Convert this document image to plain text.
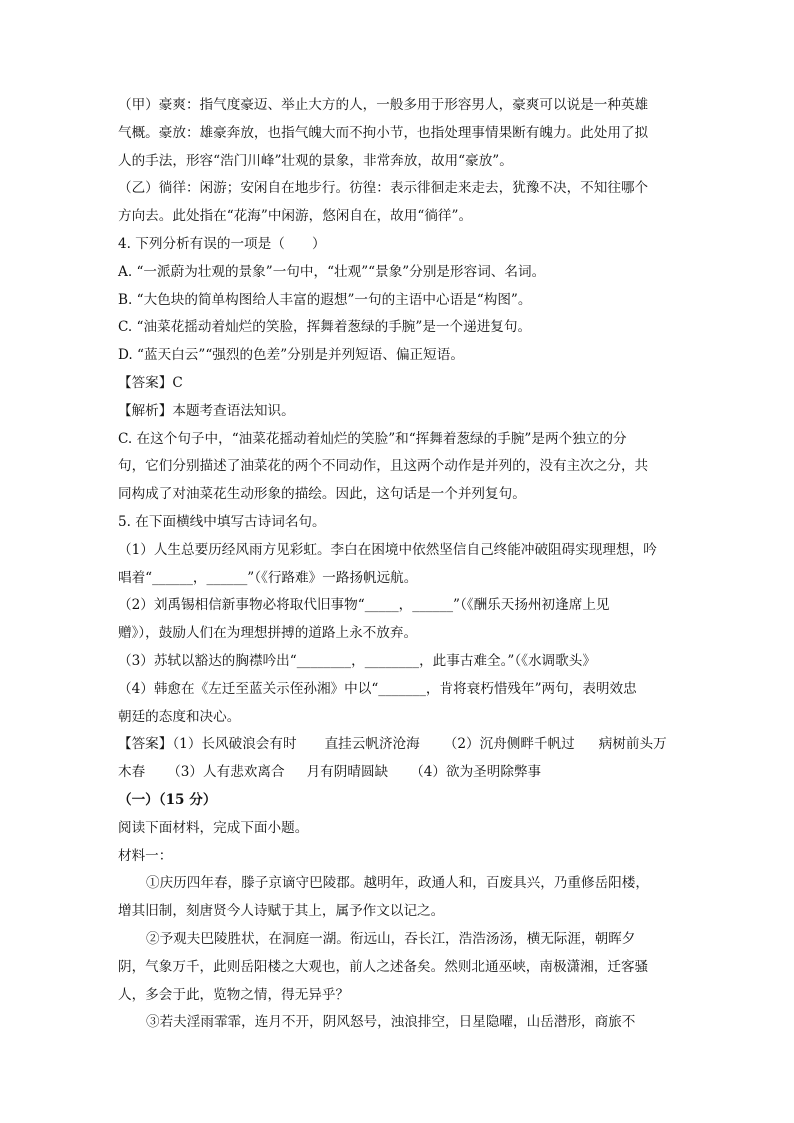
（甲）豪爽：指气度豪迈、举止大方的人，一般多用于形容男人，豪爽可以说是一种英雄
气概。豪放：雄豪奔放，也指气魄大而不拘小节，也指处理事情果断有魄力。此处用了拟
人的手法，形容“浩门川峰”壮观的景象，非常奔放，故用“豪放”。
（乙）徜徉：闲游；安闲自在地步行。彷徨：表示徘徊走来走去，犹豫不决，不知往哪个
方向去。此处指在“花海”中闲游，悠闲自在，故用“徜徉”。
4. 下列分析有误的一项是（　　）
A. “一派蔚为壮观的景象”一句中，“壮观”“景象”分别是形容词、名词。
B. “大色块的简单构图给人丰富的遐想”一句的主语中心语是“构图”。
C. “油菜花摇动着灿烂的笑脸，挥舞着葱绿的手腕”是一个递进复句。
D. “蓝天白云”“强烈的色差”分别是并列短语、偏正短语。
【答案】C
【解析】本题考查语法知识。
C. 在这个句子中，“油菜花摇动着灿烂的笑脸”和“挥舞着葱绿的手腕”是两个独立的分
句，它们分别描述了油菜花的两个不同动作，且这两个动作是并列的，没有主次之分，共
同构成了对油菜花生动形象的描绘。因此，这句话是一个并列复句。
5. 在下面横线中填写古诗词名句。
（1）人生总要历经风雨方见彩虹。李白在困境中依然坚信自己终能冲破阻碍实现理想，吟
唱着“______，______”（《行路难》一路扬帆远航。
（2）刘禹锡相信新事物必将取代旧事物“_____，______”（《酬乐天扬州初逢席上见
赠》），鼓励人们在为理想拼搏的道路上永不放弃。
（3）苏轼以豁达的胸襟吟出“________，________，此事古难全。”（《水调歌头》
（4）韩愈在《左迁至蓝关示侄孙湘》中以“_______，肯将衰朽惜残年”两句，表明效忠
朝廷的态度和决心。
【答案】（1）长风破浪会有时 直挂云帆济沧海 （2）沉舟侧畔千帆过 病树前头万
木春 （3）人有悲欢离合 月有阴晴圆缺 （4）欲为圣明除弊事
（一）（15 分）
阅读下面材料，完成下面小题。
材料一：
①庆历四年春，滕子京谪守巴陵郡。越明年，政通人和，百废具兴，乃重修岳阳楼，
增其旧制，刻唐贤今人诗赋于其上，属予作文以记之。
②予观夫巴陵胜状，在洞庭一湖。衔远山，吞长江，浩浩汤汤，横无际涯，朝晖夕
阴，气象万千，此则岳阳楼之大观也，前人之述备矣。然则北通巫峡，南极潇湘，迁客骚
人，多会于此，览物之情，得无异乎？
③若夫淫雨霏霏，连月不开，阴风怒号，浊浪排空，日星隐曜，山岳潜形，商旅不
